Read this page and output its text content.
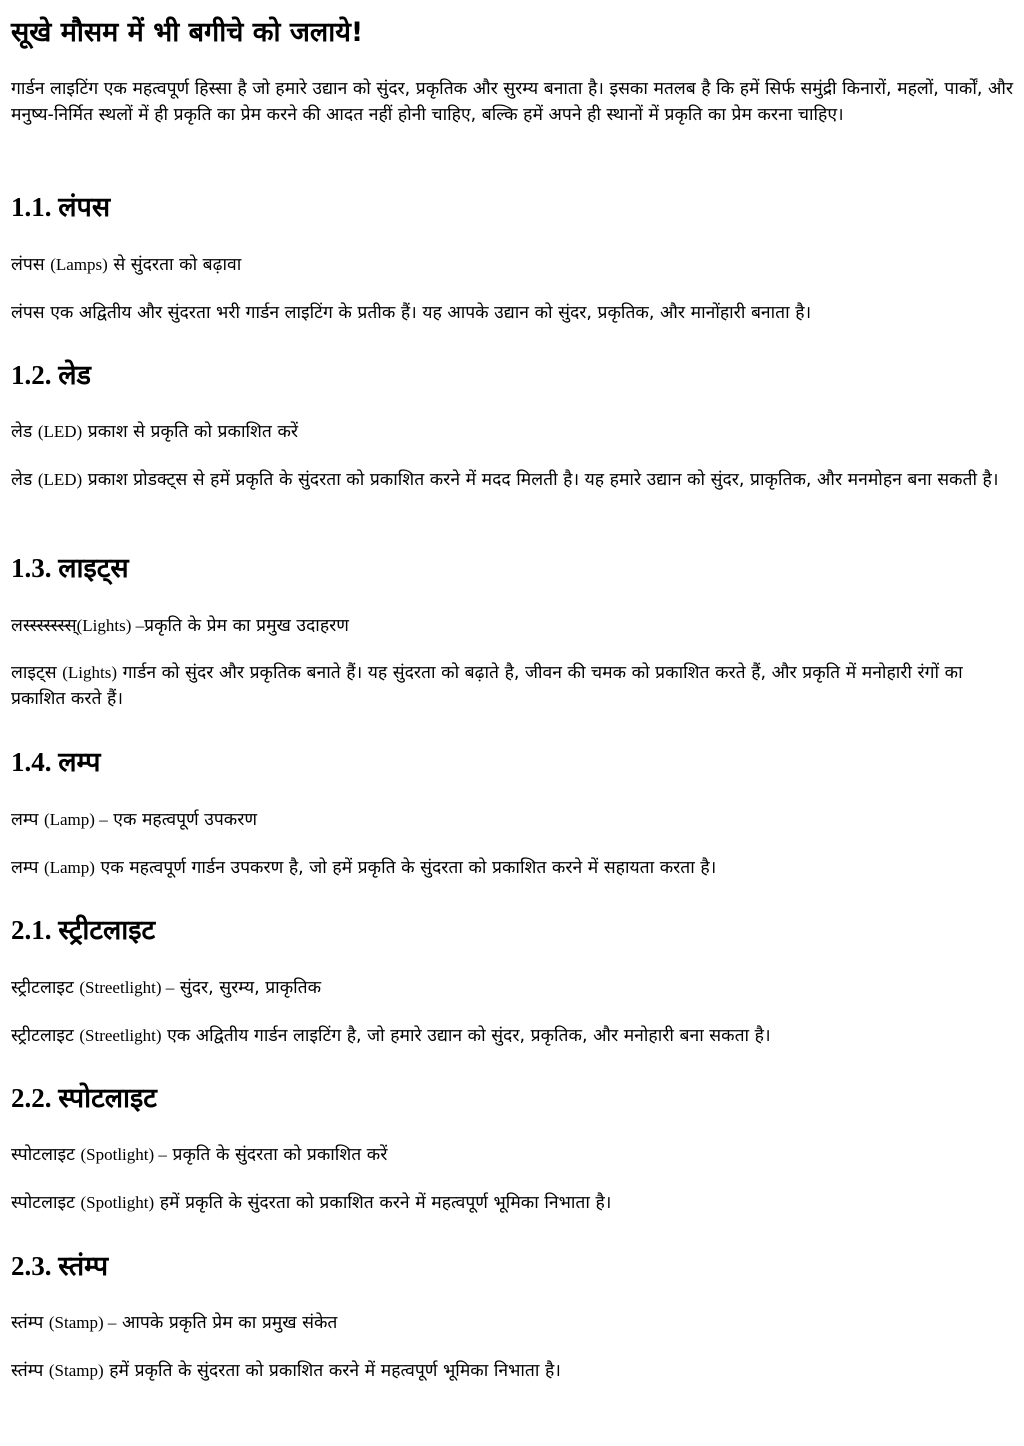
सूखे मौसम में भी बगीचे को जलाये!

गार्डन लाइटिंग एक महत्वपूर्ण हिस्सा है जो हमारे उद्यान को सुंदर, प्रकृतिक और सुरम्य बनाता है। इसका मतलब है कि हमें सिर्फ समुंद्री किनारों, महलों, पार्कों, और मनुष्य-निर्मित स्थलों में ही प्रकृति का प्रेम करने की आदत नहीं होनी चाहिए, बल्कि हमें अपने ही स्थानों में प्रकृति का प्रेम करना चाहिए।

1.1. लंपस

लंपस (Lamps) से सुंदरता को बढ़ावा

लंपस एक अद्वितीय और सुंदरता भरी गार्डन लाइटिंग के प्रतीक हैं। यह आपके उद्यान को सुंदर, प्रकृतिक, और मानोंहारी बनाता है।

1.2. लेड

लेड (LED) प्रकाश से प्रकृति को प्रकाशित करें

लेड (LED) प्रकाश प्रोडक्ट्स से हमें प्रकृति के सुंदरता को प्रकाशित करने में मदद मिलती है। यह हमारे उद्यान को सुंदर, प्राकृतिक, और मनमोहन बना सकती है।

1.3. लाइट्स

लस्स्स्स्स्स्स्(Lights) –प्रकृति के प्रेम का प्रमुख उदाहरण

लाइट्स (Lights) गार्डन को सुंदर और प्रकृतिक बनाते हैं। यह सुंदरता को बढ़ाते है, जीवन की चमक को प्रकाशित करते हैं, और प्रकृति में मनोहारी रंगों का प्रकाशित करते हैं।

1.4. लम्प

लम्प (Lamp) – एक महत्वपूर्ण उपकरण

लम्प (Lamp) एक महत्वपूर्ण गार्डन उपकरण है, जो हमें प्रकृति के सुंदरता को प्रकाशित करने में सहायता करता है।

2.1. स्ट्रीटलाइट

स्ट्रीटलाइट (Streetlight) – सुंदर, सुरम्य, प्राकृतिक

स्ट्रीटलाइट (Streetlight) एक अद्वितीय गार्डन लाइटिंग है, जो हमारे उद्यान को सुंदर, प्रकृतिक, और मनोहारी बना सकता है।

2.2. स्पोटलाइट

स्पोटलाइट (Spotlight) – प्रकृति के सुंदरता को प्रकाशित करें

स्पोटलाइट (Spotlight) हमें प्रकृति के सुंदरता को प्रकाशित करने में महत्वपूर्ण भूमिका निभाता है।

2.3. स्तंम्प

स्तंम्प (Stamp) – आपके प्रकृति प्रेम का प्रमुख संकेत

स्तंम्प (Stamp) हमें प्रकृति के सुंदरता को प्रकाशित करने में महत्वपूर्ण भूमिका निभाता है।
